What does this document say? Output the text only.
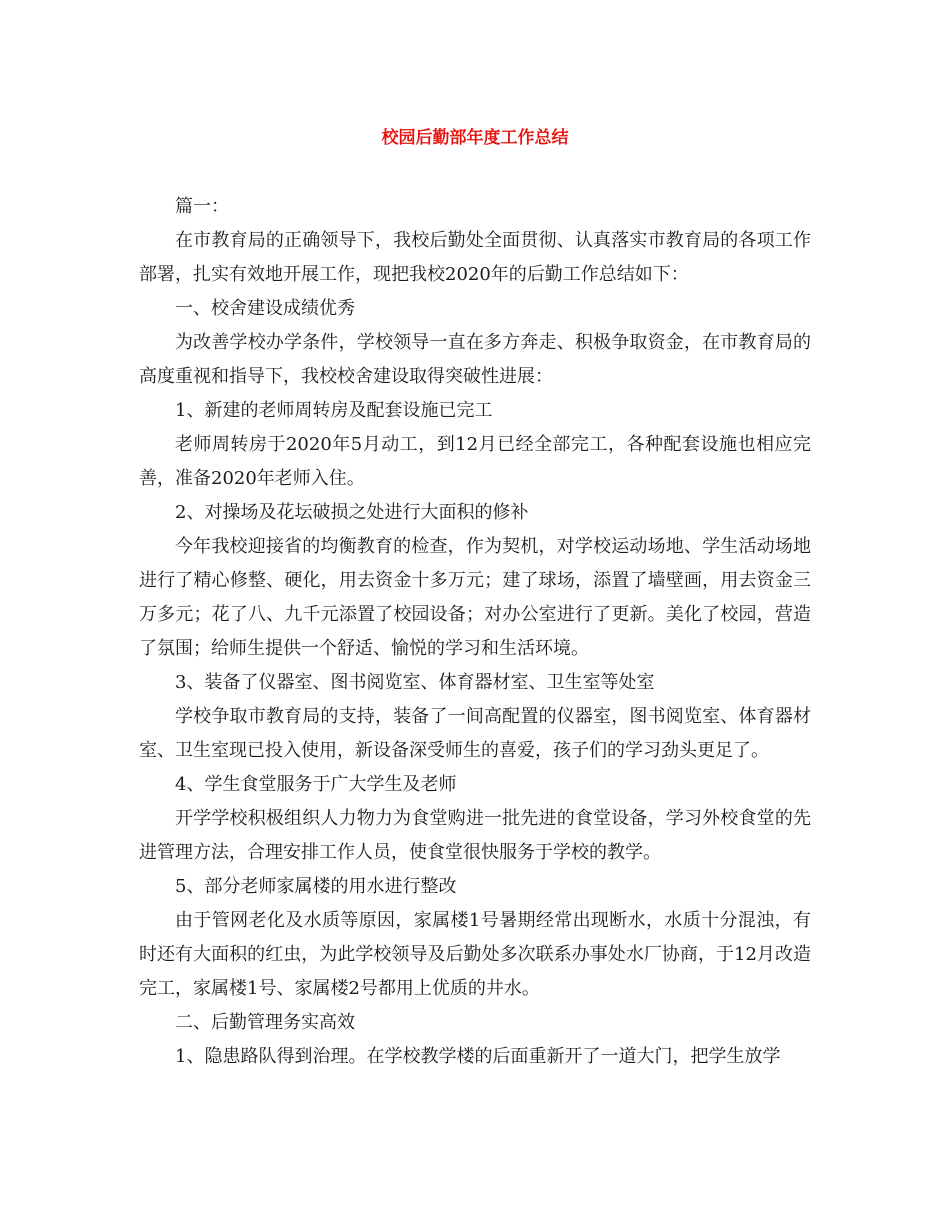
校园后勤部年度工作总结

篇一：

在市教育局的正确领导下，我校后勤处全面贯彻、认真落实市教育局的各项工作部署，扎实有效地开展工作，现把我校2020年的后勤工作总结如下：

一、校舍建设成绩优秀

为改善学校办学条件，学校领导一直在多方奔走、积极争取资金，在市教育局的高度重视和指导下，我校校舍建设取得突破性进展：

1、新建的老师周转房及配套设施已完工

老师周转房于2020年5月动工，到12月已经全部完工，各种配套设施也相应完善，准备2020年老师入住。

2、对操场及花坛破损之处进行大面积的修补

今年我校迎接省的均衡教育的检查，作为契机，对学校运动场地、学生活动场地进行了精心修整、硬化，用去资金十多万元；建了球场，添置了墙壁画，用去资金三万多元；花了八、九千元添置了校园设备；对办公室进行了更新。美化了校园，营造了氛围；给师生提供一个舒适、愉悦的学习和生活环境。

3、装备了仪器室、图书阅览室、体育器材室、卫生室等处室

学校争取市教育局的支持，装备了一间高配置的仪器室，图书阅览室、体育器材室、卫生室现已投入使用，新设备深受师生的喜爱，孩子们的学习劲头更足了。

4、学生食堂服务于广大学生及老师

开学学校积极组织人力物力为食堂购进一批先进的食堂设备，学习外校食堂的先进管理方法，合理安排工作人员，使食堂很快服务于学校的教学。

5、部分老师家属楼的用水进行整改

由于管网老化及水质等原因，家属楼1号暑期经常出现断水，水质十分混浊，有时还有大面积的红虫，为此学校领导及后勤处多次联系办事处水厂协商，于12月改造完工，家属楼1号、家属楼2号都用上优质的井水。

二、后勤管理务实高效

1、隐患路队得到治理。在学校教学楼的后面重新开了一道大门，把学生放学
